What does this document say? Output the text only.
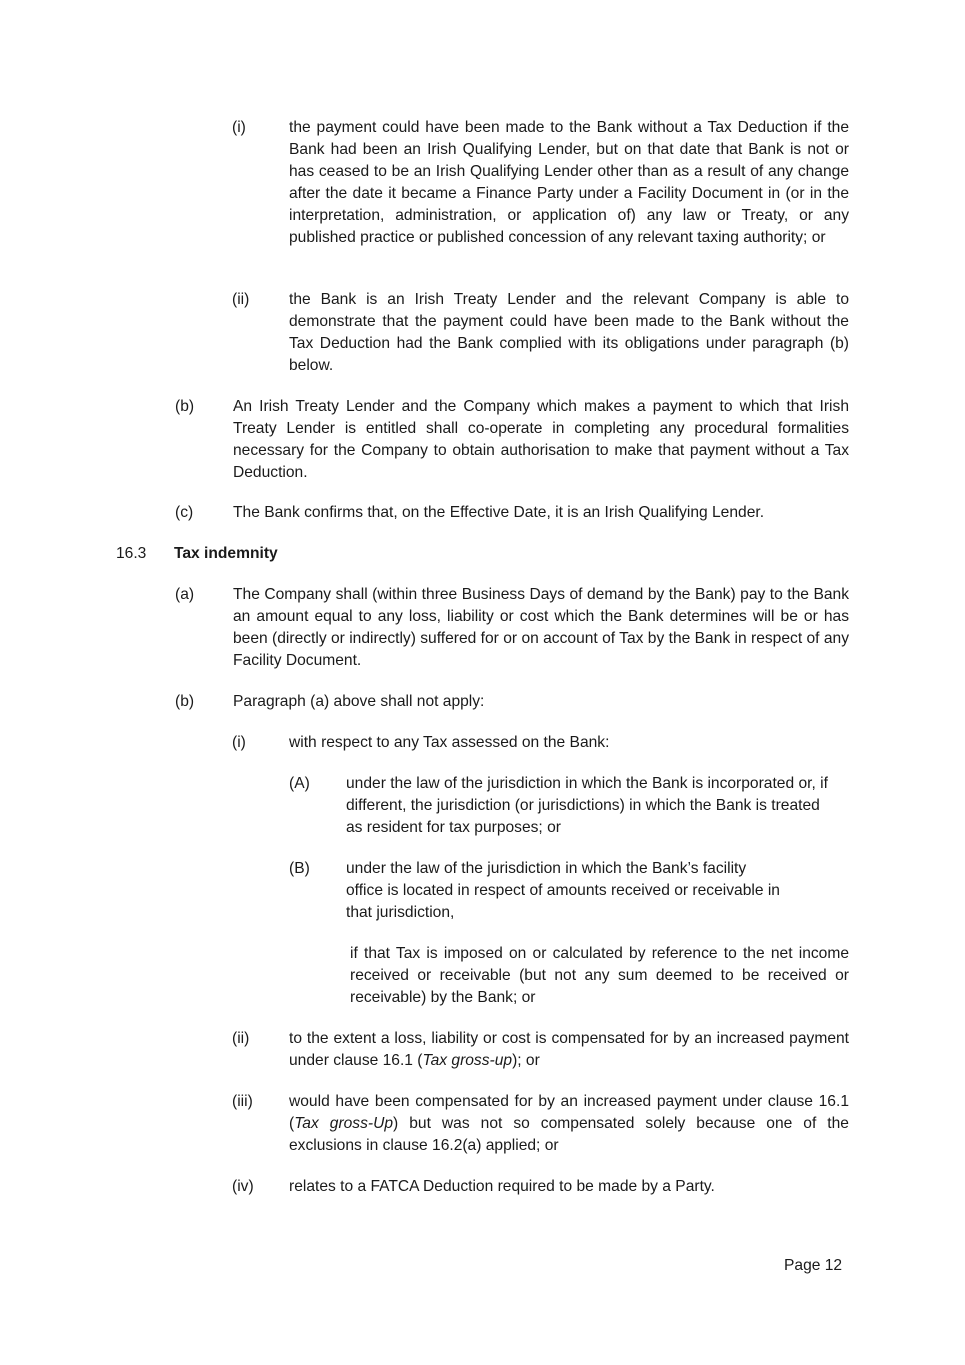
(i)	the payment could have been made to the Bank without a Tax Deduction if the Bank had been an Irish Qualifying Lender, but on that date that Bank is not or has ceased to be an Irish Qualifying Lender other than as a result of any change after the date it became a Finance Party under a Facility Document in (or in the interpretation, administration, or application of) any law or Treaty, or any published practice or published concession of any relevant taxing authority; or
(ii)	the Bank is an Irish Treaty Lender and the relevant Company is able to demonstrate that the payment could have been made to the Bank without the Tax Deduction had the Bank complied with its obligations under paragraph (b) below.
(b) An Irish Treaty Lender and the Company which makes a payment to which that Irish Treaty Lender is entitled shall co-operate in completing any procedural formalities necessary for the Company to obtain authorisation to make that payment without a Tax Deduction.
(c)	The Bank confirms that, on the Effective Date, it is an Irish Qualifying Lender.
16.3 Tax indemnity
(a) The Company shall (within three Business Days of demand by the Bank) pay to the Bank an amount equal to any loss, liability or cost which the Bank determines will be or has been (directly or indirectly) suffered for or on account of Tax by the Bank in respect of any Facility Document.
(b) Paragraph (a) above shall not apply:
(i)	with respect to any Tax assessed on the Bank:
(A) under the law of the jurisdiction in which the Bank is incorporated or, if different, the jurisdiction (or jurisdictions) in which the Bank is treated as resident for tax purposes; or
(B) under the law of the jurisdiction in which the Bank’s facility office is located in respect of amounts received or receivable in that jurisdiction,
if that Tax is imposed on or calculated by reference to the net income received or receivable (but not any sum deemed to be received or receivable) by the Bank; or
(ii)	to the extent a loss, liability or cost is compensated for by an increased payment under clause 16.1 (Tax gross-up); or
(iii) would have been compensated for by an increased payment under clause 16.1 (Tax gross-Up) but was not so compensated solely because one of the exclusions in clause 16.2(a) applied; or
(iv) relates to a FATCA Deduction required to be made by a Party.
Page 12
